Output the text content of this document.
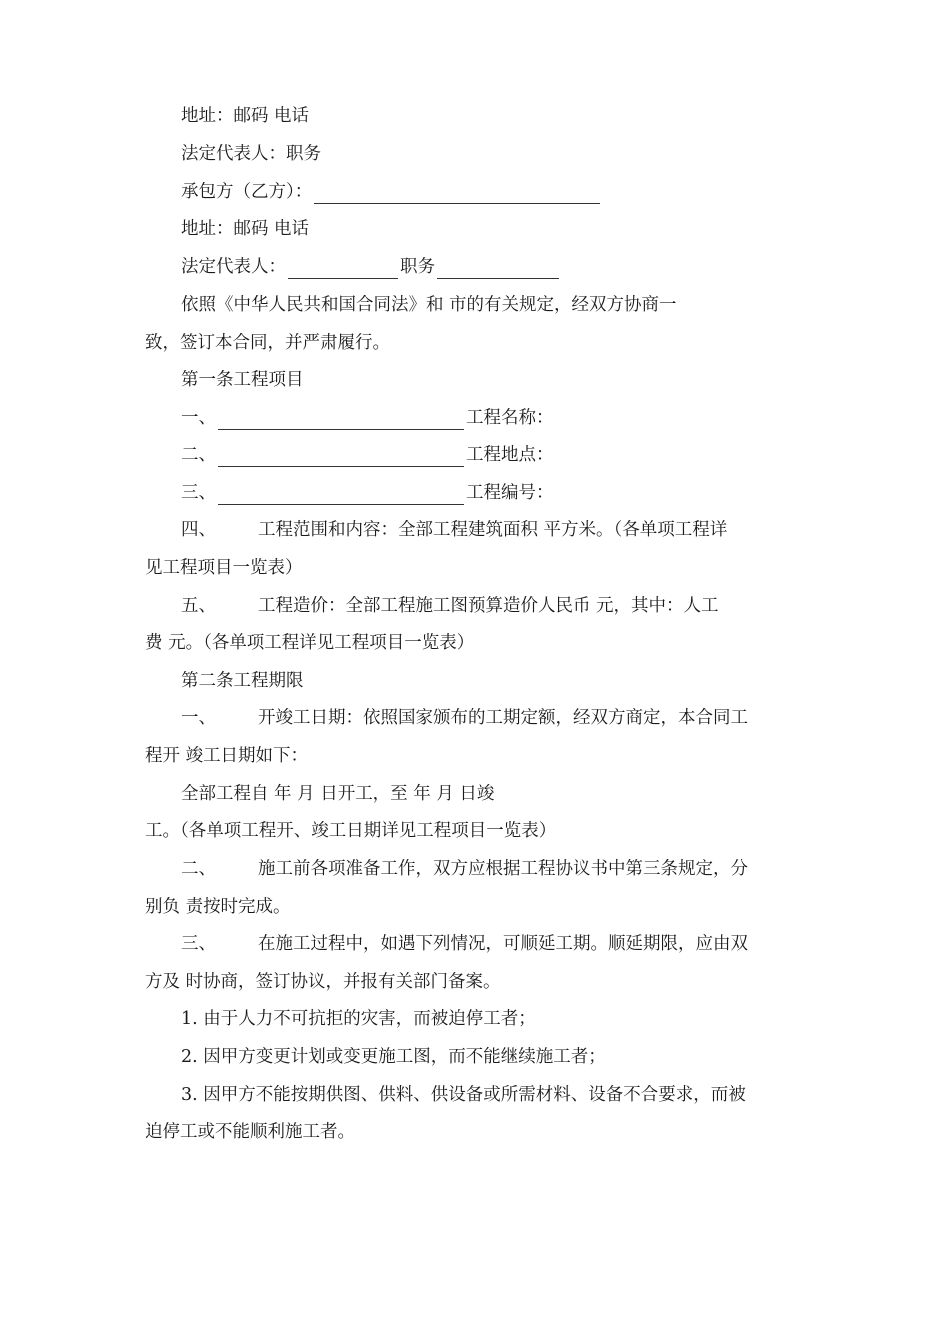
地址：邮码 电话
法定代表人：职务
承包方（乙方）：
地址：邮码 电话
法定代表人：	职务
依照《中华人民共和国合同法》和 市的有关规定，经双方协商一
致，签订本合同，并严肃履行。
第一条工程项目
一、	工程名称：
二、	工程地点：
三、	工程编号：
四、 工程范围和内容：全部工程建筑面积 平方米。（各单项工程详
见工程项目一览表）
五、 工程造价：全部工程施工图预算造价人民币 元，其中：人工
费 元。（各单项工程详见工程项目一览表）
第二条工程期限
一、 开竣工日期：依照国家颁布的工期定额，经双方商定，本合同工
程开 竣工日期如下：
全部工程自 年 月 日开工，至 年 月 日竣
工。（各单项工程开、竣工日期详见工程项目一览表）
二、 施工前各项准备工作，双方应根据工程协议书中第三条规定，分
别负 责按时完成。
三、 在施工过程中，如遇下列情况，可顺延工期。顺延期限，应由双
方及 时协商，签订协议，并报有关部门备案。
1. 由于人力不可抗拒的灾害，而被迫停工者；
2. 因甲方变更计划或变更施工图，而不能继续施工者；
3. 因甲方不能按期供图、供料、供设备或所需材料、设备不合要求，而被
迫停工或不能顺利施工者。
